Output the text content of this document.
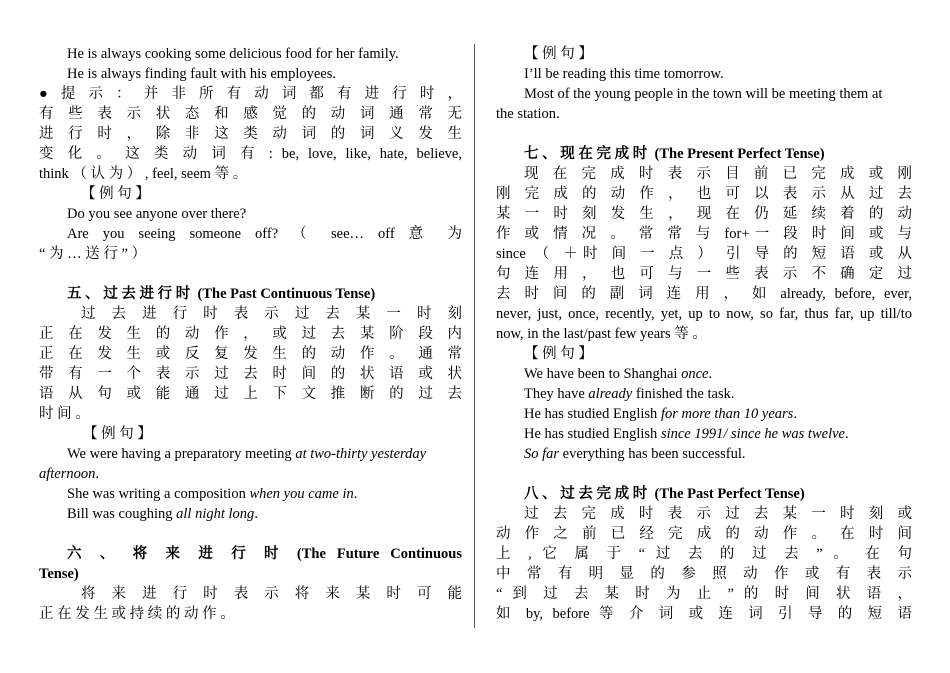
He is always cooking some delicious food for her family.
He is always finding fault with his employees.
● 提 示 ： 并 非 所 有 动 词 都 有 进 行 时 ，
有 些 表 示 状 态 和 感 觉 的 动 词 通 常 无
进 行 时 ， 除 非 这 类 动 词 的 词 义 发 生
变 化 。 这 类 动 词 有 : be, love, like, hate, believe,
think （ 认 为 ） , feel, seem 等 。
【 例 句 】
Do you see anyone over there?
Are you seeing someone off? （ see… off 意 为
“ 为 … 送 行 ” ）
五 、 过 去 进 行 时 (The Past Continuous Tense)
过 去 进 行 时 表 示 过 去 某 一 时 刻
正 在 发 生 的 动 作 ， 或 过 去 某 阶 段 内
正 在 发 生 或 反 复 发 生 的 动 作 。 通 常
带 有 一 个 表 示 过 去 时 间 的 状 语 或 状
语 从 句 或 能 通 过 上 下 文 推 断 的 过 去
时 间 。
【 例 句 】
We were having a preparatory meeting at two-thirty yesterday
afternoon.
She was writing a composition when you came in.
Bill was coughing all night long.
六 、 将 来 进 行 时 (The Future Continuous
Tense)
将 来 进 行 时 表 示 将 来 某 时 可 能
正 在 发 生 或 持 续 的 动 作 。
【 例 句 】
I’ll be reading this time tomorrow.
Most of the young people in the town will be meeting them at
the station.
七 、 现 在 完 成 时 (The Present Perfect Tense)
现 在 完 成 时 表 示 目 前 已 完 成 或 刚
刚 完 成 的 动 作 ， 也 可 以 表 示 从 过 去
某 一 时 刻 发 生 ， 现 在 仍 延 续 着 的 动
作 或 情 况 。 常 常 与 for+一 段 时 间 或 与
since （ ＋时 间 一 点 ） 引 导 的 短 语 或 从
句 连 用 ， 也 可 与 一 些 表 示 不 确 定 过
去 时 间 的 副 词 连 用 ， 如 already, before, ever,
never, just, once, recently, yet, up to now, so far, thus far, up till/to
now, in the last/past few years 等 。
【 例 句 】
We have been to Shanghai once.
They have already finished the task.
He has studied English for more than 10 years.
He has studied English since 1991/ since he was twelve.
So far everything has been successful.
八 、 过 去 完 成 时 (The Past Perfect Tense)
过 去 完 成 时 表 示 过 去 某 一 时 刻 或
动 作 之 前 已 经 完 成 的 动 作 。 在 时 间
上 , 它 属 于 “ 过 去 的 过 去 ” 。 在 句
中 常 有 明 显 的 参 照 动 作 或 有 表 示
“ 到 过 去 某 时 为 止 ” 的 时 间 状 语 ，
如 by, before 等 介 词 或 连 词 引 导 的 短 语
